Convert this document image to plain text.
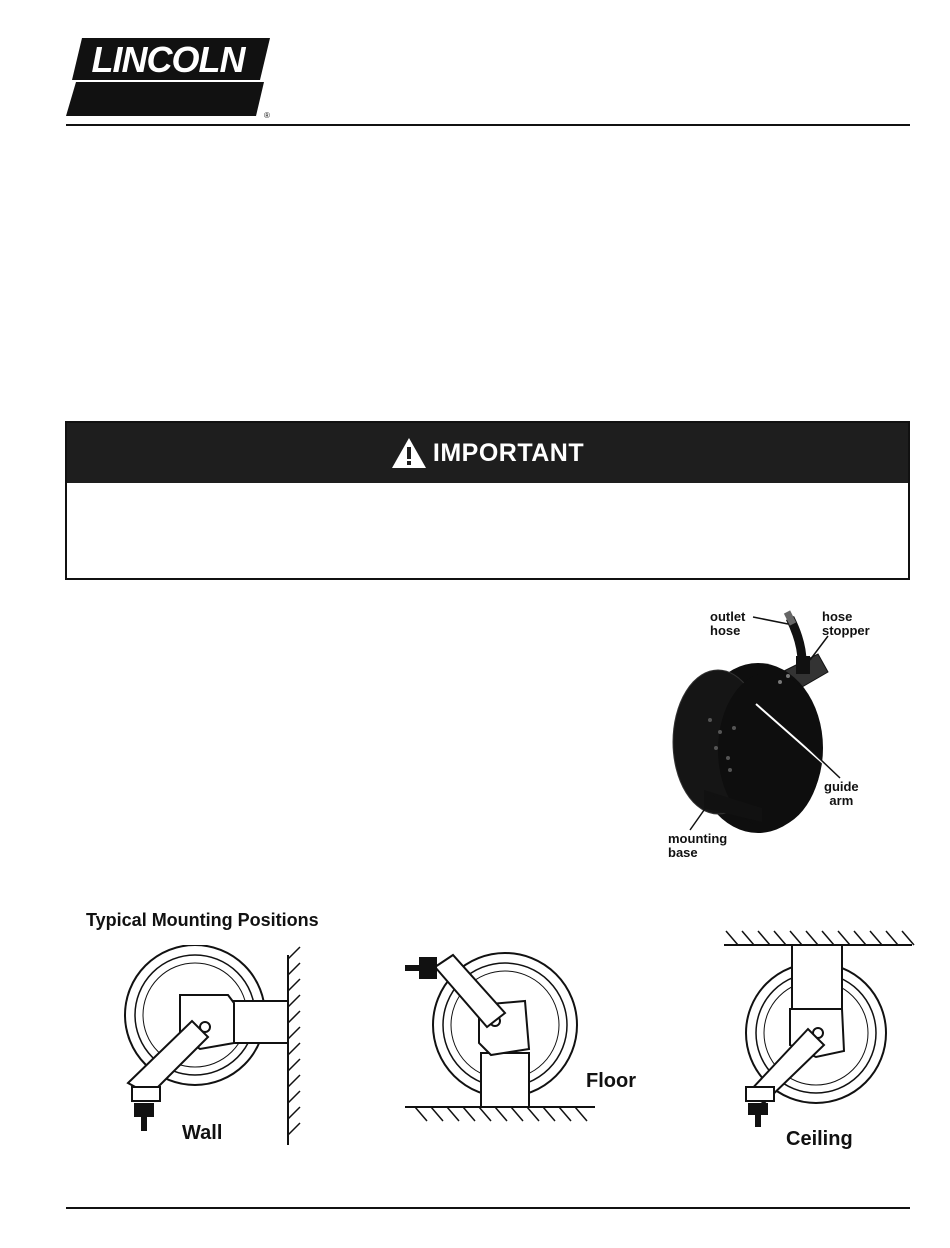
LINCOLN
®
IMPORTANT
outlet
hose
hose
stopper
guide
arm
mounting
base
Typical Mounting Positions
Wall
Floor
Ceiling
